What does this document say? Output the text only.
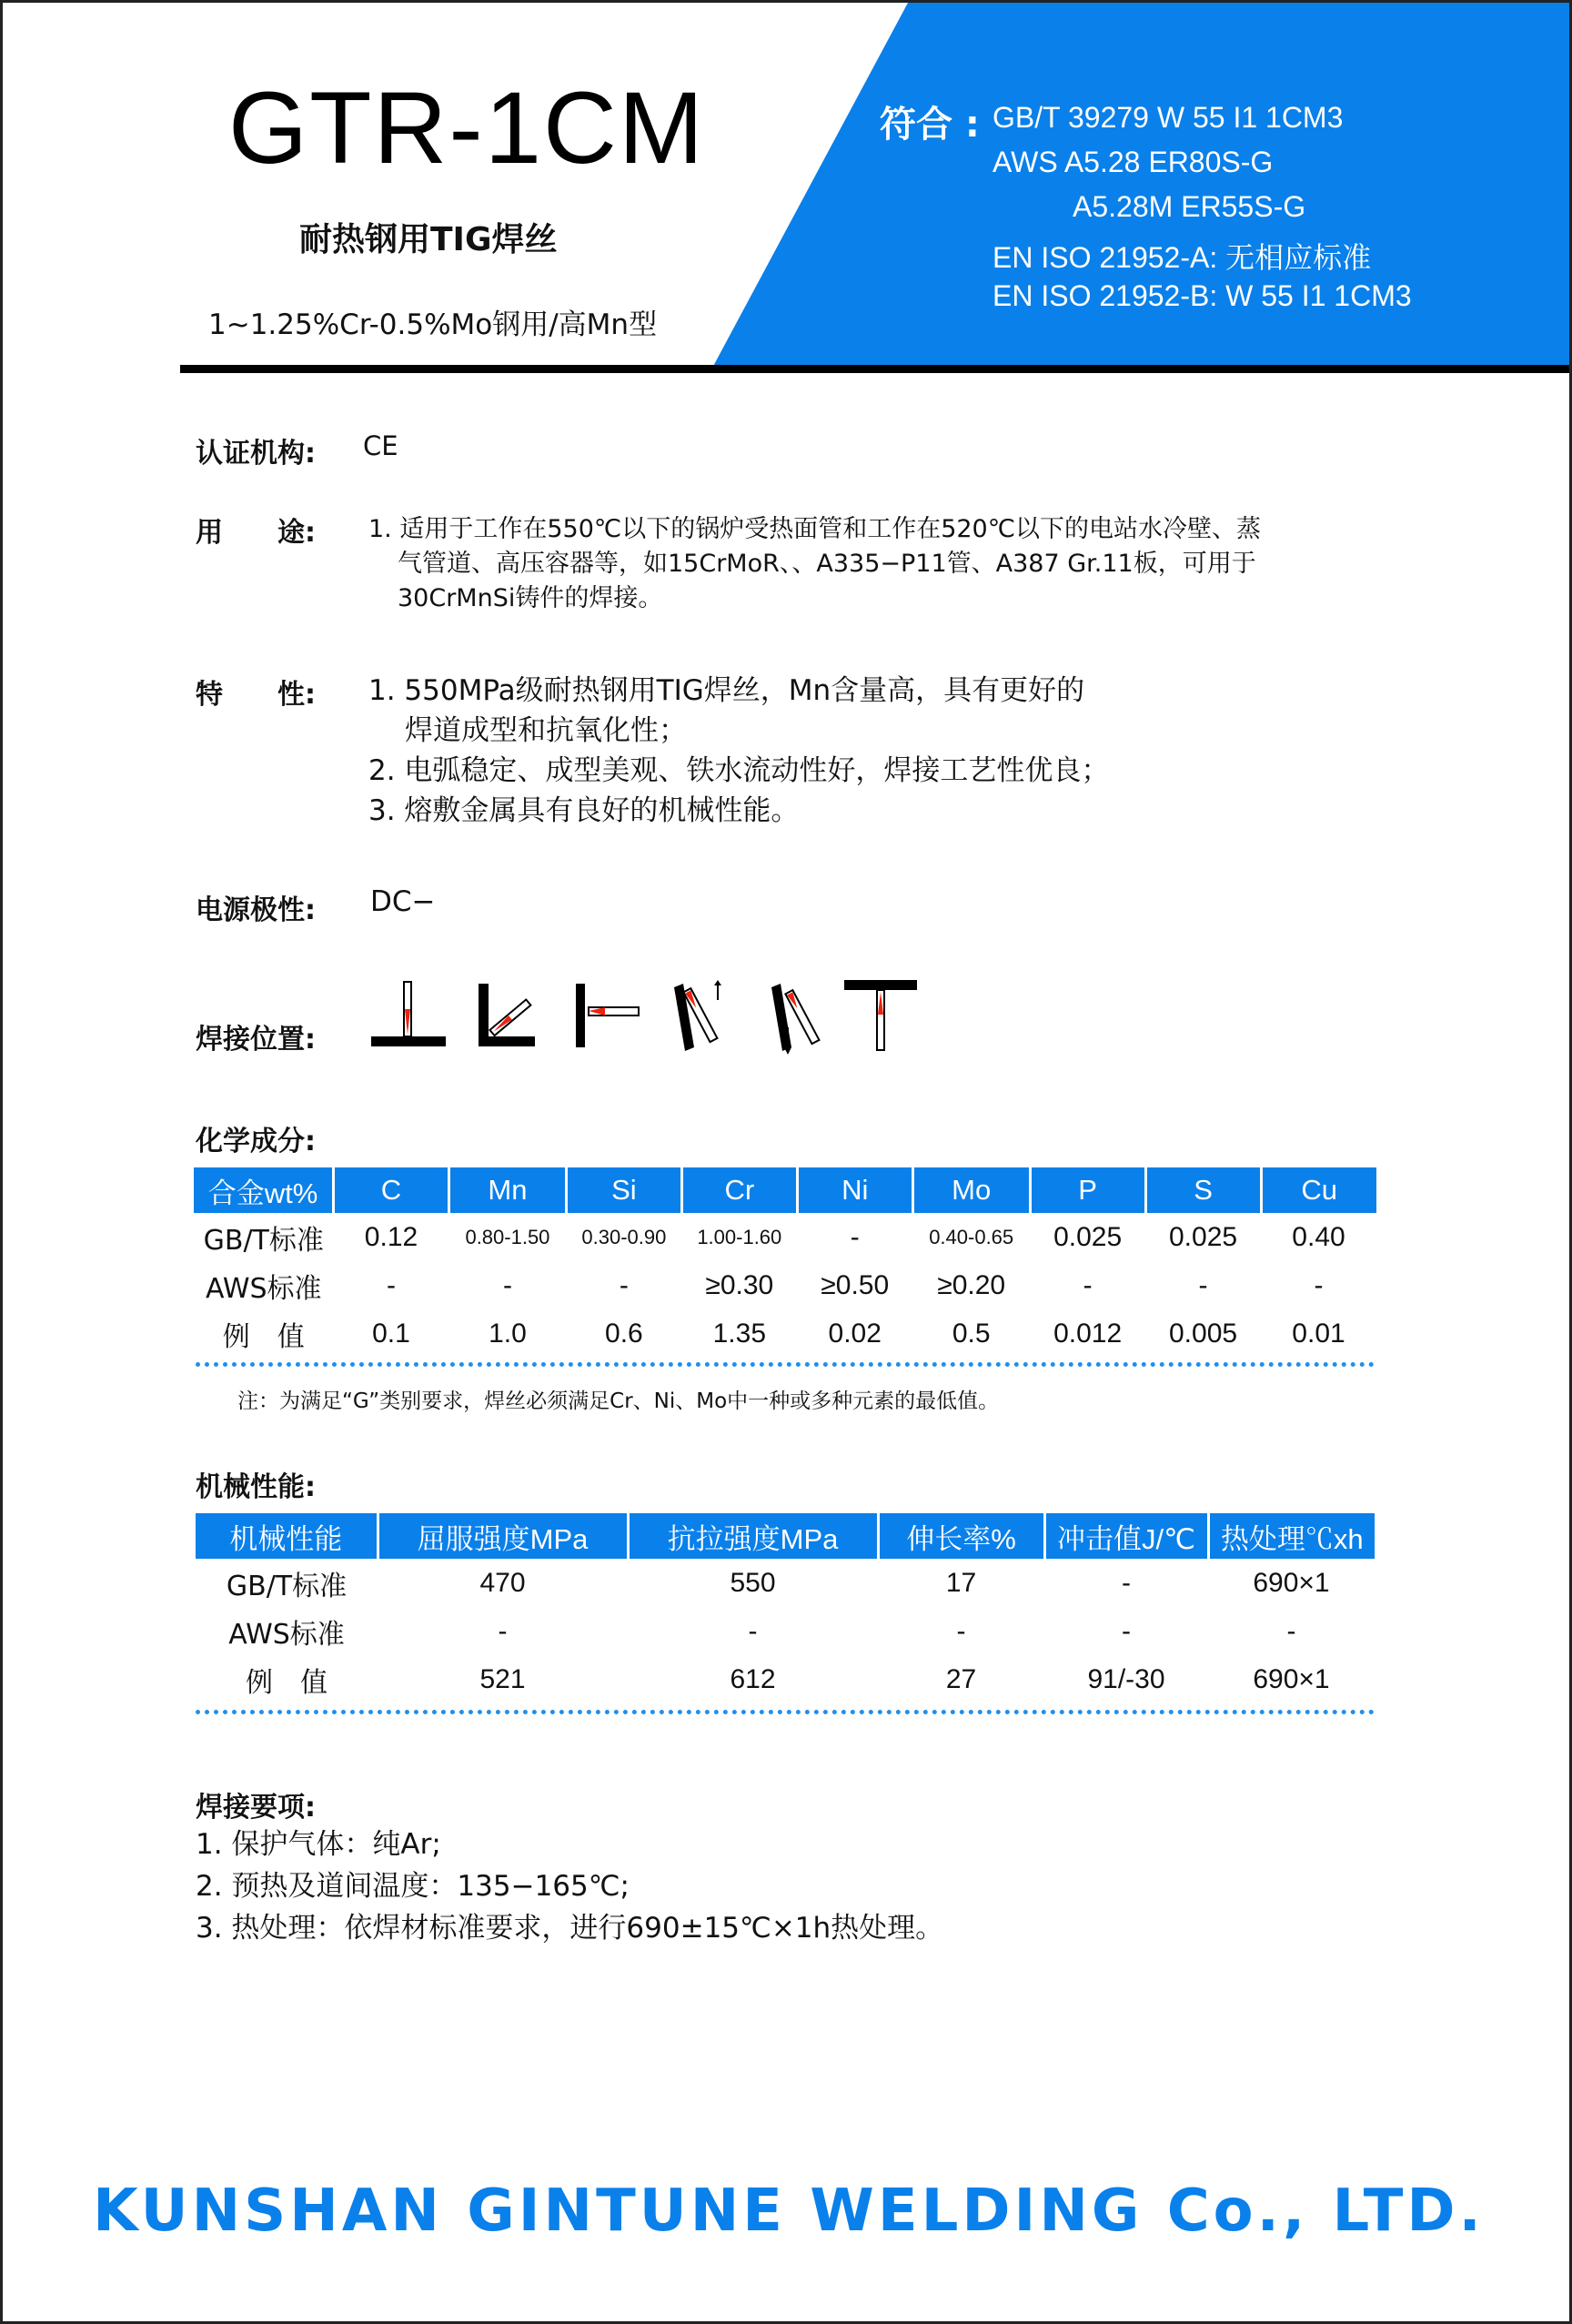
GTR-1CM
耐热钢用TIG焊丝
1~1.25%Cr-0.5%Mo钢用/高Mn型
符合 : GB/T 39279 W 55 I1 1CM3
AWS A5.28 ER80S-G
A5.28M ER55S-G
EN ISO 21952-A: 无相应标准
EN ISO 21952-B: W 55 I1 1CM3
认证机构: CE
用　　途: 1. 适用于工作在550℃以下的锅炉受热面管和工作在520℃以下的电站水冷壁、蒸
气管道、高压容器等，如15CrMoR、、A335−P11管、A387 Gr.11板，可用于
30CrMnSi铸件的焊接。
特　　性: 1. 550MPa级耐热钢用TIG焊丝，Mn含量高，具有更好的
焊道成型和抗氧化性；
2. 电弧稳定、成型美观、铁水流动性好，焊接工艺性优良；
3. 熔敷金属具有良好的机械性能。
电源极性: DC−
焊接位置:
化学成分:
合金wt%	C	Mn	Si	Cr	Ni	Mo	P	S	Cu
GB/T标准	0.12	0.80-1.50	0.30-0.90	1.00-1.60	-	0.40-0.65	0.025	0.025	0.40
AWS标准	-	-	-	≥0.30	≥0.50	≥0.20	-	-	-
例　值	0.1	1.0	0.6	1.35	0.02	0.5	0.012	0.005	0.01
注：为满足“G”类别要求，焊丝必须满足Cr、Ni、Mo中一种或多种元素的最低值。
机械性能:
机械性能	屈服强度MPa	抗拉强度MPa	伸长率%	冲击值J/℃	热处理℃xh
GB/T标准	470	550	17	-	690×1
AWS标准	-	-	-	-	-
例　值	521	612	27	91/-30	690×1
焊接要项:
1. 保护气体：纯Ar;
2. 预热及道间温度：135−165℃;
3. 热处理：依焊材标准要求，进行690±15℃×1h热处理。
KUNSHAN GINTUNE WELDING Co., LTD.
